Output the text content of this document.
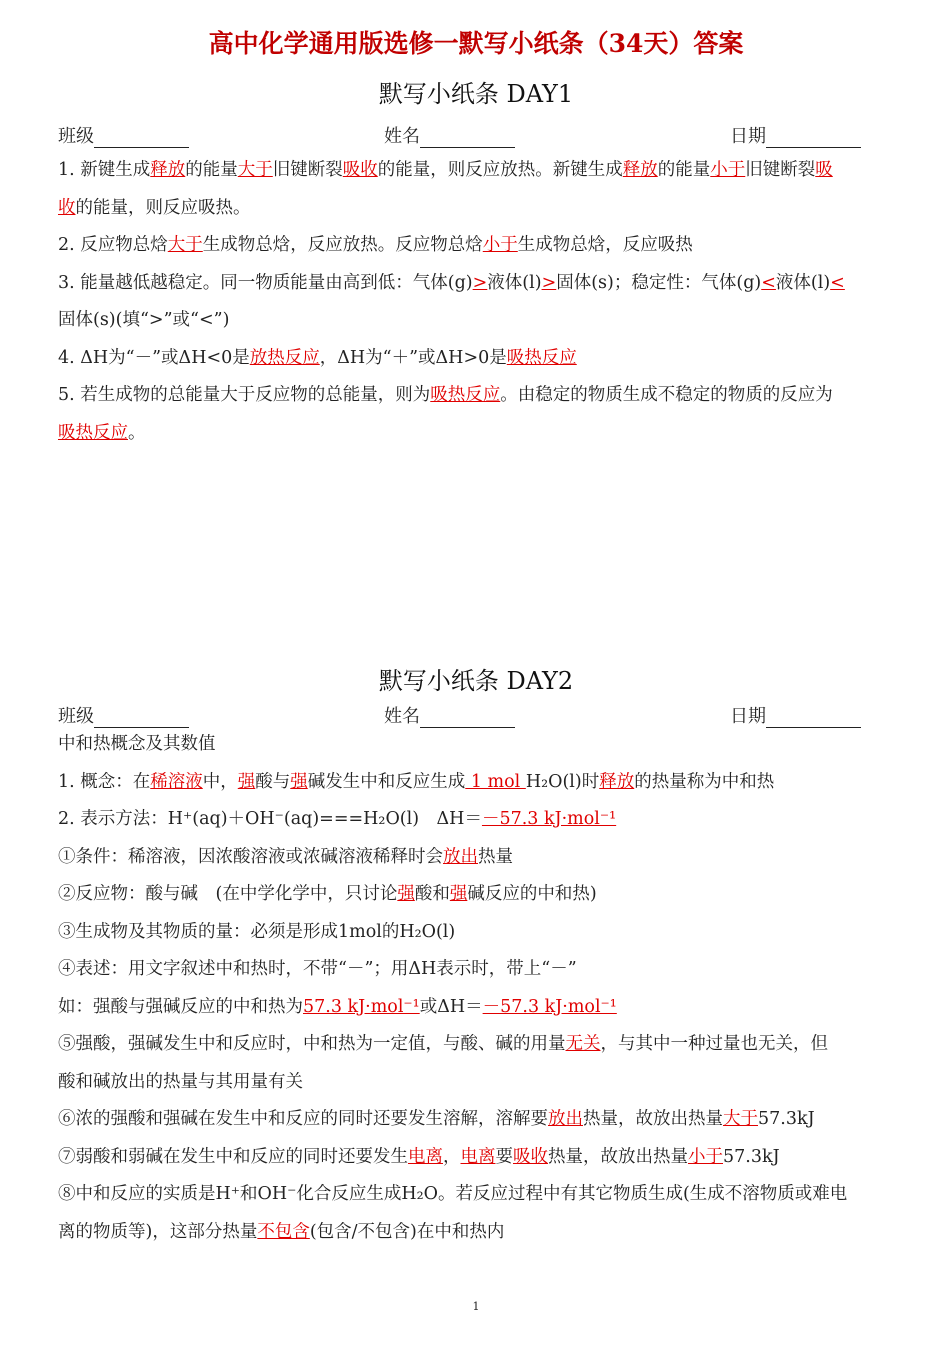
高中化学通用版选修一默写小纸条（34天）答案
默写小纸条 DAY1
班级	姓名	日期
1. 新键生成释放的能量大于旧键断裂吸收的能量，则反应放热。新键生成释放的能量小于旧键断裂吸
收的能量，则反应吸热。
2. 反应物总焓大于生成物总焓，反应放热。反应物总焓小于生成物总焓，反应吸热
3. 能量越低越稳定。同一物质能量由高到低：气体(g)>液体(l)>固体(s)；稳定性：气体(g)<液体(l)<
固体(s)(填“>”或“<”)
4. ΔH为“－”或ΔH<0是放热反应，ΔH为“＋”或ΔH>0是吸热反应
5. 若生成物的总能量大于反应物的总能量，则为吸热反应。由稳定的物质生成不稳定的物质的反应为
吸热反应。
默写小纸条 DAY2
班级	姓名	日期
中和热概念及其数值
1. 概念：在稀溶液中，强酸与强碱发生中和反应生成 1 mol H₂O(l)时释放的热量称为中和热
2. 表示方法：H⁺(aq)＋OH⁻(aq)===H₂O(l)　ΔH＝－57.3 kJ·mol⁻¹
①条件：稀溶液，因浓酸溶液或浓碱溶液稀释时会放出热量
②反应物：酸与碱　(在中学化学中，只讨论强酸和强碱反应的中和热)
③生成物及其物质的量：必须是形成1mol的H₂O(l)
④表述：用文字叙述中和热时，不带“－”；用ΔH表示时，带上“－”
如：强酸与强碱反应的中和热为57.3 kJ·mol⁻¹或ΔH＝－57.3 kJ·mol⁻¹
⑤强酸，强碱发生中和反应时，中和热为一定值，与酸、碱的用量无关，与其中一种过量也无关，但
酸和碱放出的热量与其用量有关
⑥浓的强酸和强碱在发生中和反应的同时还要发生溶解，溶解要放出热量，故放出热量大于57.3kJ
⑦弱酸和弱碱在发生中和反应的同时还要发生电离，电离要吸收热量，故放出热量小于57.3kJ
⑧中和反应的实质是H⁺和OH⁻化合反应生成H₂O。若反应过程中有其它物质生成(生成不溶物质或难电
离的物质等)，这部分热量不包含(包含/不包含)在中和热内
1
